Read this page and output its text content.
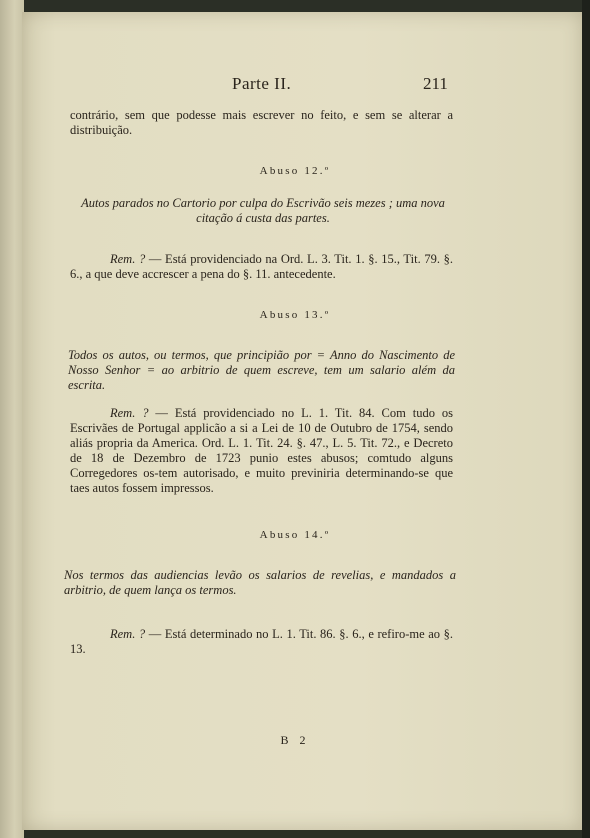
Parte II.	211
contrário, sem que podesse mais escrever no feito, e sem se alterar a distribuição.
Abuso 12.º
Autos parados no Cartorio por culpa do Escrivão seis mezes ; uma nova citação á custa das partes.
Rem. ? — Está providenciado na Ord. L. 3. Tit. 1. §. 15., Tit. 79. §. 6., a que deve accrescer a pena do §. 11. antecedente.
Abuso 13.º
Todos os autos, ou termos, que principião por = Anno do Nascimento de Nosso Senhor = ao arbitrio de quem escreve, tem um salario além da escrita.
Rem. ? — Está providenciado no L. 1. Tit. 84. Com tudo os Escrivães de Portugal applicão a si a Lei de 10 de Outubro de 1754, sendo aliás propria da America. Ord. L. 1. Tit. 24. §. 47., L. 5. Tit. 72., e Decreto de 18 de Dezembro de 1723 punio estes abusos; comtudo alguns Corregedores os-tem autorisado, e muito previniria determinando-se que taes autos fossem impressos.
Abuso 14.º
Nos termos das audiencias levão os salarios de revelias, e mandados a arbitrio, de quem lança os termos.
Rem. ? — Está determinado no L. 1. Tit. 86. §. 6., e refiro-me ao §. 13.
B 2
